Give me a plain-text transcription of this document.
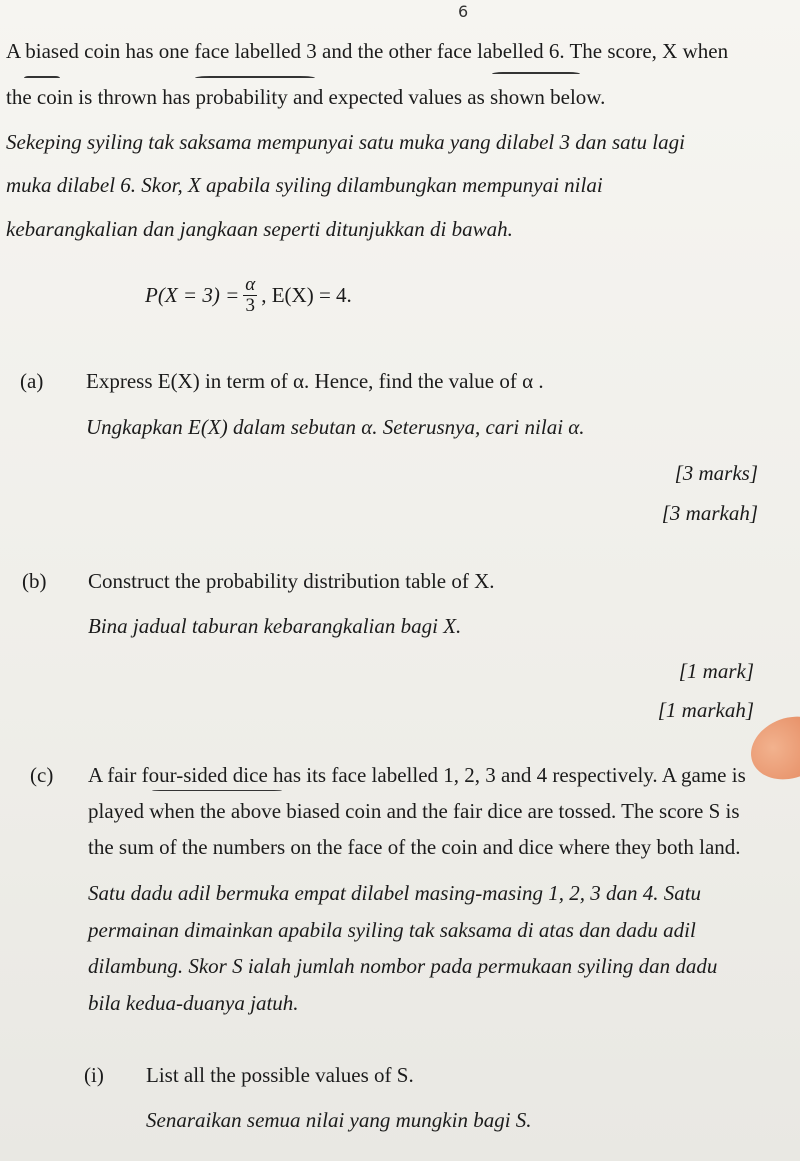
6
A biased coin has one face labelled 3 and the other face labelled 6. The score, X when
the coin is thrown has probability and expected values as shown below.
Sekeping syiling tak saksama mempunyai satu muka yang dilabel 3 dan satu lagi
muka dilabel 6. Skor, X apabila syiling dilambungkan mempunyai nilai
kebarangkalian dan jangkaan seperti ditunjukkan di bawah.
$P(X = 3) = \frac{\alpha}{3}$ , E(X) = 4.
(a) Express E(X) in term of α. Hence, find the value of α .
Ungkapkan E(X) dalam sebutan α. Seterusnya, cari nilai α.
[3 marks]
[3 markah]
(b) Construct the probability distribution table of X.
Bina jadual taburan kebarangkalian bagi X.
[1 mark]
[1 markah]
(c) A fair four-sided dice has its face labelled 1, 2, 3 and 4 respectively. A game is
played when the above biased coin and the fair dice are tossed. The score S is
the sum of the numbers on the face of the coin and dice where they both land.
Satu dadu adil bermuka empat dilabel masing-masing 1, 2, 3 dan 4. Satu
permainan dimainkan apabila syiling tak saksama di atas dan dadu adil
dilambung. Skor S ialah jumlah nombor pada permukaan syiling dan dadu
bila kedua-duanya jatuh.
(i) List all the possible values of S.
Senaraikan semua nilai yang mungkin bagi S.
